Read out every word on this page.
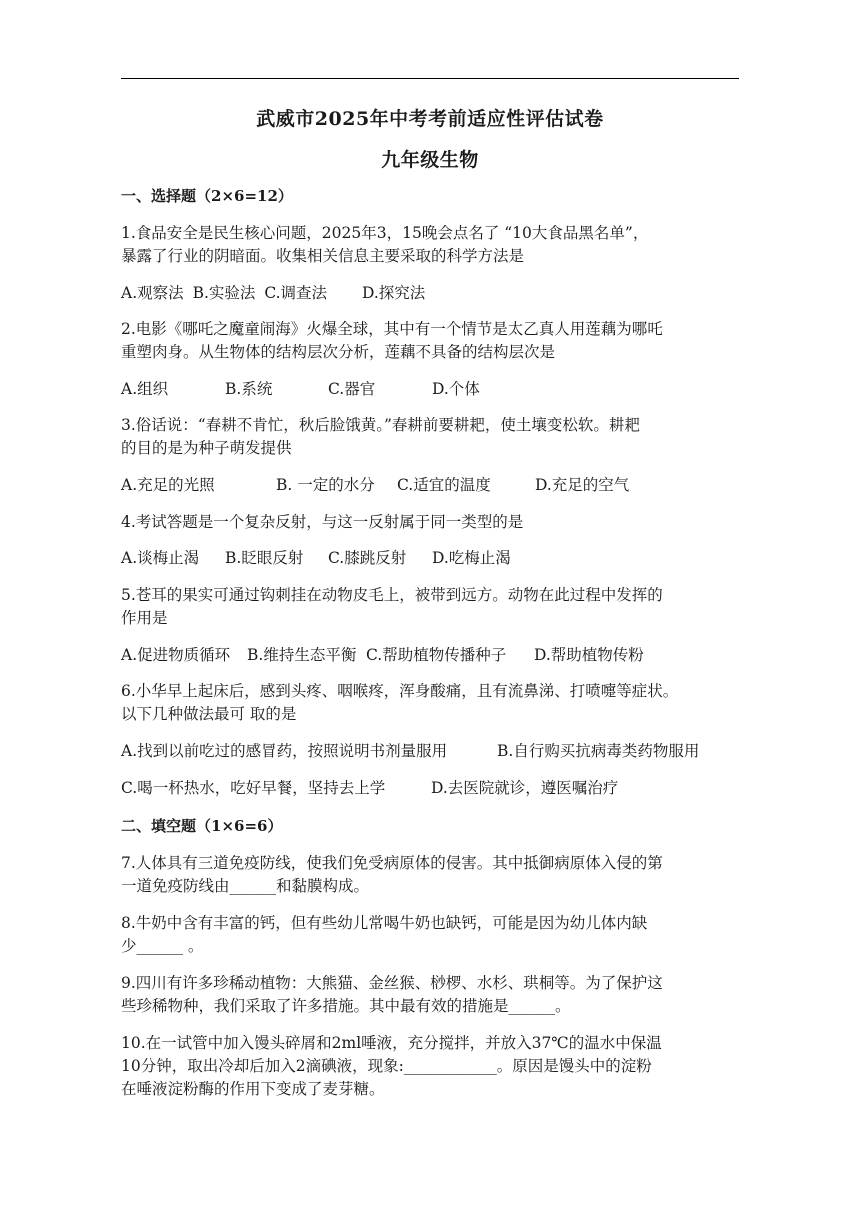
武威市2025年中考考前适应性评估试卷
九年级生物
一、选择题（2×6=12）
1.食品安全是民生核心问题，2025年3，15晚会点名了 “10大食品黑名单”，
暴露了行业的阴暗面。收集相关信息主要采取的科学方法是
A.观察法 B.实验法 C.调查法 D.探究法
2.电影《哪吒之魔童闹海》火爆全球，其中有一个情节是太乙真人用莲藕为哪吒
重塑肉身。从生物体的结构层次分析，莲藕不具备的结构层次是
A.组织	B.系统	C.器官	D.个体
3.俗话说：“春耕不肯忙，秋后脸饿黄。”春耕前要耕耙，使土壤变松软。耕耙
的目的是为种子萌发提供
A.充足的光照	B. 一定的水分 C.适宜的温度	D.充足的空气
4.考试答题是一个复杂反射，与这一反射属于同一类型的是
A.谈梅止渴 B.眨眼反射 C.膝跳反射 D.吃梅止渴
5.苍耳的果实可通过钩刺挂在动物皮毛上，被带到远方。动物在此过程中发挥的
作用是
A.促进物质循环 B.维持生态平衡 C.帮助植物传播种子 D.帮助植物传粉
6.小华早上起床后，感到头疼、咽喉疼，浑身酸痛，且有流鼻涕、打喷嚏等症状。
以下几种做法最可 取的是
A.找到以前吃过的感冒药，按照说明书剂量服用	B.自行购买抗病毒类药物服用
C.喝一杯热水，吃好早餐，坚持去上学	D.去医院就诊，遵医嘱治疗
二、填空题（1×6=6）
7.人体具有三道免疫防线，使我们免受病原体的侵害。其中抵御病原体入侵的第
一道免疫防线由______和黏膜构成。
8.牛奶中含有丰富的钙，但有些幼儿常喝牛奶也缺钙，可能是因为幼儿体内缺
少______ 。
9.四川有许多珍稀动植物：大熊猫、金丝猴、桫椤、水杉、珙桐等。为了保护这
些珍稀物种，我们采取了许多措施。其中最有效的措施是______。
10.在一试管中加入馒头碎屑和2ml唾液，充分搅拌，并放入37℃的温水中保温
10分钟，取出冷却后加入2滴碘液，现象:____________。原因是馒头中的淀粉
在唾液淀粉酶的作用下变成了麦芽糖。
